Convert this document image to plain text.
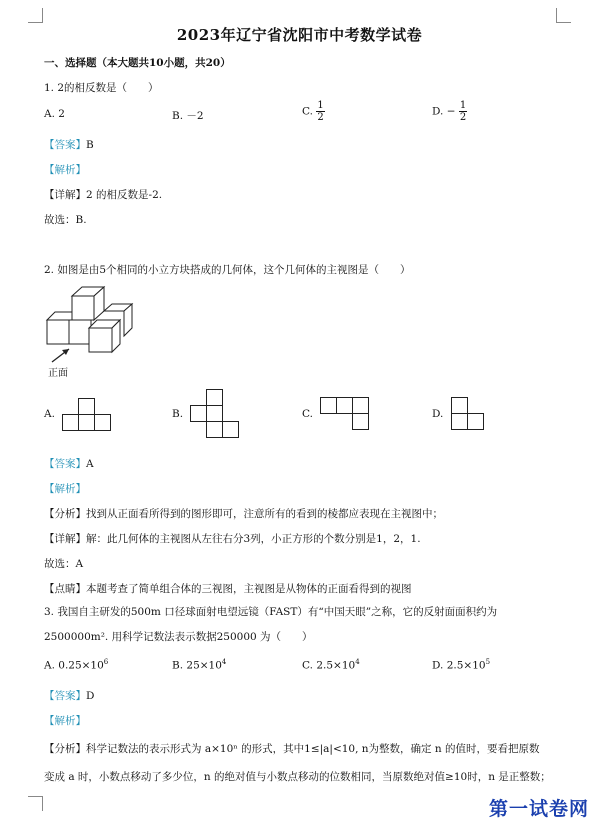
2023年辽宁省沈阳市中考数学试卷
一、选择题（本大题共10小题，共20）
1. 2的相反数是（　　）
A. 2	B. －2	C. $\frac{1}{2}$	D. − $\frac{1}{2}$
【答案】B
【解析】
【详解】2 的相反数是-2.
故选：B.
2. 如图是由5个相同的小立方块搭成的几何体，这个几何体的主视图是（　　）
正面
A.	B.	C.	D.
【答案】A
【解析】
【分析】找到从正面看所得到的图形即可，注意所有的看到的棱都应表现在主视图中；
【详解】解：此几何体的主视图从左往右分3列，小正方形的个数分别是1，2，1.
故选：A
【点睛】本题考查了简单组合体的三视图，主视图是从物体的正面看得到的视图
3. 我国自主研发的500m 口径球面射电望远镜（FAST）有“中国天眼”之称，它的反射面面积约为
2500000m². 用科学记数法表示数据250000 为（　　）
A. $0.25\times 10^6$	B. $25\times 10^4$	C. $2.5\times 10^4$	D. $2.5\times 10^5$
【答案】D
【解析】
【分析】科学记数法的表示形式为 a×10ⁿ 的形式，其中1≤|a|<10, n为整数，确定 n 的值时，要看把原数
变成 a 时，小数点移动了多少位，n 的绝对值与小数点移动的位数相同，当原数绝对值≥10时，n 是正整数；
第一试卷网
